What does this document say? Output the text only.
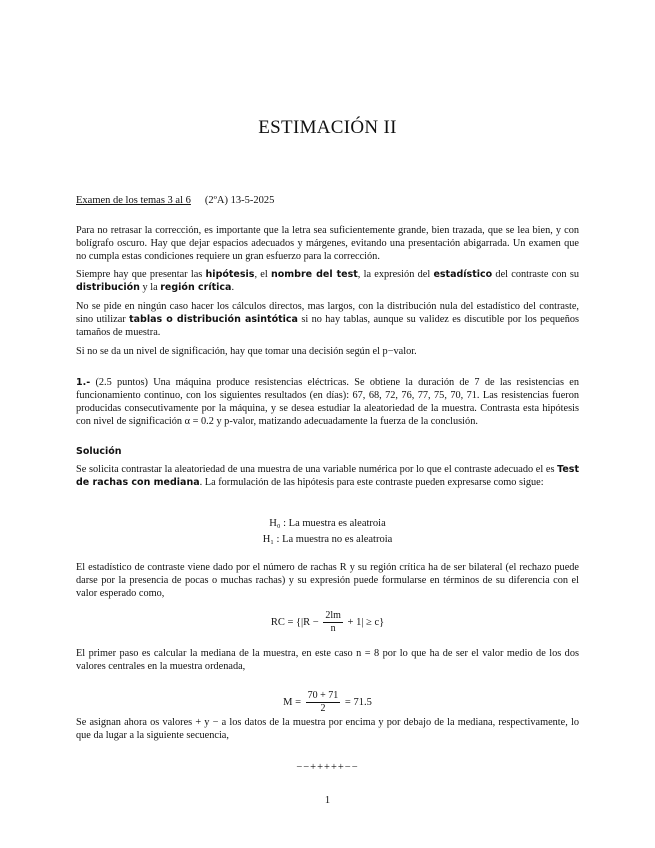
ESTIMACIÓN II
Examen de los temas 3 al 6 (2ºA) 13-5-2025
Para no retrasar la corrección, es importante que la letra sea suficientemente grande, bien trazada, que se lea bien, y con bolígrafo oscuro. Hay que dejar espacios adecuados y márgenes, evitando una presentación abigarrada. Un examen que no cumpla estas condiciones requiere un gran esfuerzo para la corrección.
Siempre hay que presentar las hipótesis, el nombre del test, la expresión del estadístico del contraste con su distribución y la región crítica.
No se pide en ningún caso hacer los cálculos directos, mas largos, con la distribución nula del estadístico del contraste, sino utilizar tablas o distribución asintótica si no hay tablas, aunque su validez es discutible por los pequeños tamaños de muestra.
Si no se da un nivel de significación, hay que tomar una decisión según el p−valor.
1.- (2.5 puntos) Una máquina produce resistencias eléctricas. Se obtiene la duración de 7 de las resistencias en funcionamiento continuo, con los siguientes resultados (en días): 67, 68, 72, 76, 77, 75, 70, 71. Las resistencias fueron producidas consecutivamente por la máquina, y se desea estudiar la aleatoriedad de la muestra. Contrasta esta hipótesis con nivel de significación α = 0.2 y p-valor, matizando adecuadamente la fuerza de la conclusión.
Solución
Se solicita contrastar la aleatoriedad de una muestra de una variable numérica por lo que el contraste adecuado el es Test de rachas con mediana. La formulación de las hipótesis para este contraste pueden expresarse como sigue:
H₀ : La muestra es aleatroia
H₁ : La muestra no es aleatroia
El estadístico de contraste viene dado por el número de rachas R y su región crítica ha de ser bilateral (el rechazo puede darse por la presencia de pocas o muchas rachas) y su expresión puede formularse en términos de su diferencia con el valor esperado como,
RC = $\{|R - \frac{2lm}{n} + 1| \ge c\}$
El primer paso es calcular la mediana de la muestra, en este caso n = 8 por lo que ha de ser el valor medio de los dos valores centrales en la muestra ordenada,
$M = \frac{70 + 71}{2} = 71.5$
Se asignan ahora os valores + y − a los datos de la muestra por encima y por debajo de la mediana, respectivamente, lo que da lugar a la siguiente secuencia,
−−+++++−−
1
